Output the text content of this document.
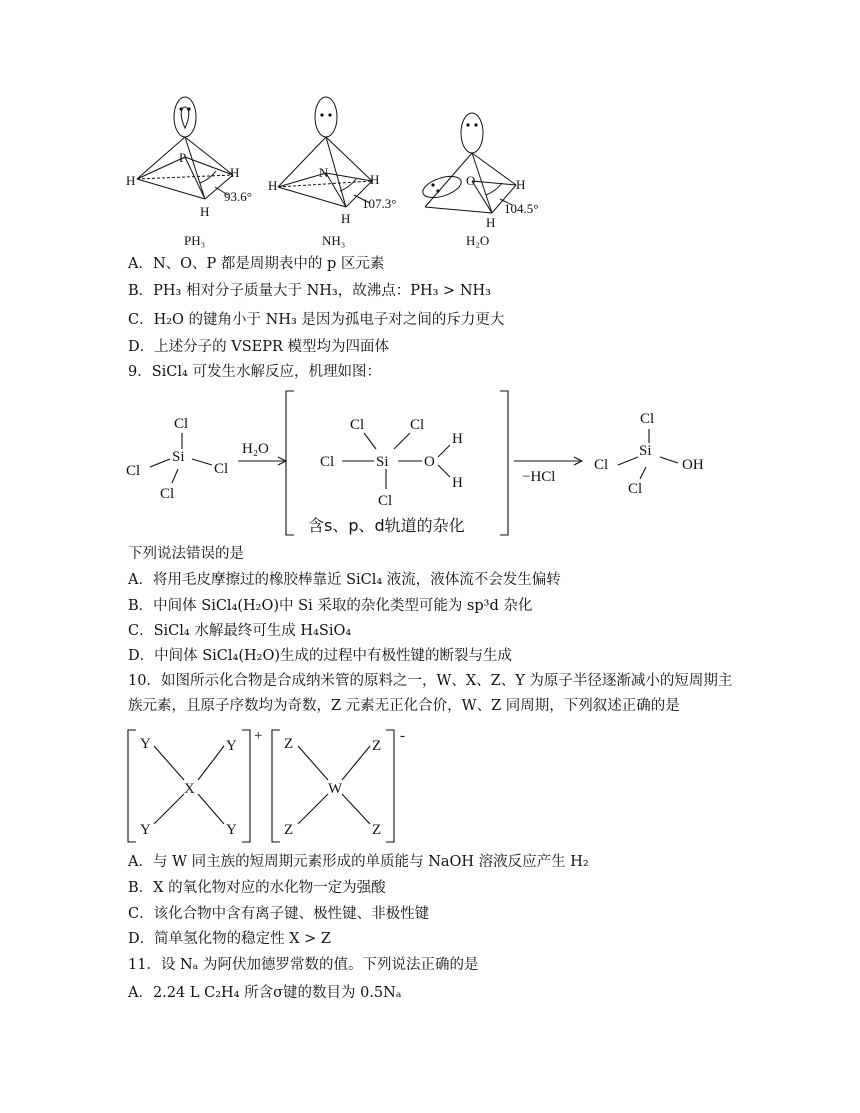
P
H
H
H
93.6°
PH₃
N
H	H
H
107.3°
NH₃
O	H
H
104.5°
H₂O
A．N、O、P 都是周期表中的 p 区元素
B．PH₃ 相对分子质量大于 NH₃，故沸点：PH₃ > NH₃
C．H₂O 的键角小于 NH₃ 是因为孤电子对之间的斥力更大
D．上述分子的 VSEPR 模型均为四面体
9．SiCl₄ 可发生水解反应，机理如图：
Cl
Si
Cl	Cl
Cl
H₂O
Cl	Cl
Cl	Si O
H
H
Cl
含s、p、d轨道的杂化
−HCl
Cl
Si
Cl	OH
Cl
下列说法错误的是
A．将用毛皮摩擦过的橡胶棒靠近 SiCl₄ 液流，液体流不会发生偏转
B．中间体 SiCl₄(H₂O)中 Si 采取的杂化类型可能为 sp³d 杂化
C．SiCl₄ 水解最终可生成 H₄SiO₄
D．中间体 SiCl₄(H₂O)生成的过程中有极性键的断裂与生成
10．如图所示化合物是合成纳米管的原料之一，W、X、Z、Y 为原子半径逐渐减小的短周期主
族元素，且原子序数均为奇数，Z 元素无正化合价，W、Z 同周期，下列叙述正确的是
Y	Y
X
Y	Y
+ Z	Z
W
Z	Z
-
A．与 W 同主族的短周期元素形成的单质能与 NaOH 溶液反应产生 H₂
B．X 的氧化物对应的水化物一定为强酸
C．该化合物中含有离子键、极性键、非极性键
D．简单氢化物的稳定性 X > Z
11．设 Nₐ 为阿伏加德罗常数的值。下列说法正确的是
A．2.24 L C₂H₄ 所含σ键的数目为 0.5Nₐ
